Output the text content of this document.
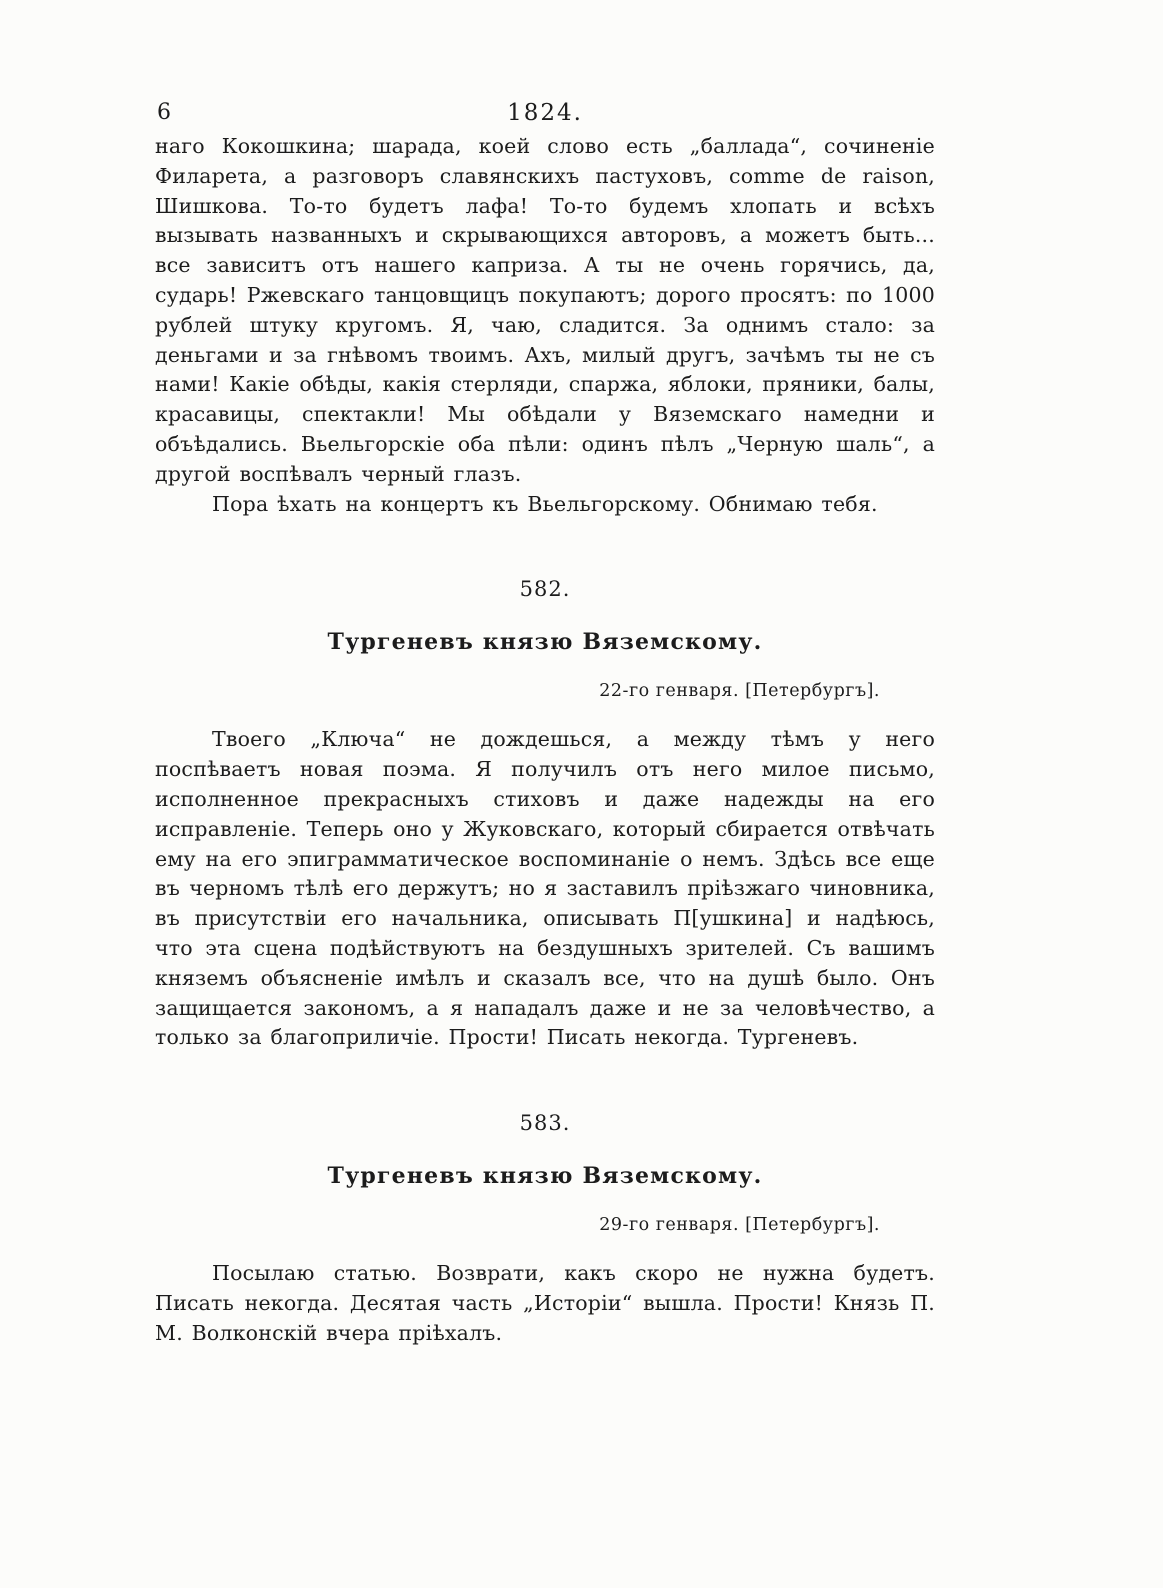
6	1824.

наго Кокошкина; шарада, коей слово есть „баллада“, сочиненіе Филарета, а разговоръ славянскихъ пастуховъ, comme de raison, Шишкова. То-то будетъ лафа! То-то будемъ хлопать и всѣхъ вызывать названныхъ и скрывающихся авторовъ, а можетъ быть... все зависитъ отъ нашего каприза. А ты не очень горячись, да, сударь! Ржевскаго танцовщицъ покупаютъ; дорого просятъ: по 1000 рублей штуку кругомъ. Я, чаю, сладится. За однимъ стало: за деньгами и за гнѣвомъ твоимъ. Ахъ, милый другъ, зачѣмъ ты не съ нами! Какіе обѣды, какія стерляди, спаржа, яблоки, пряники, балы, красавицы, спектакли! Мы обѣдали у Вяземскаго намедни и объѣдались. Вьельгорскіе оба пѣли: одинъ пѣлъ „Черную шаль“, а другой воспѣвалъ черный глазъ.

Пора ѣхать на концертъ къ Вьельгорскому. Обнимаю тебя.

582.
Тургеневъ князю Вяземскому.
22-го генваря. [Петербургъ].

Твоего „Ключа“ не дождешься, а между тѣмъ у него поспѣваетъ новая поэма. Я получилъ отъ него милое письмо, исполненное прекрасныхъ стиховъ и даже надежды на его исправленіе. Теперь оно у Жуковскаго, который сбирается отвѣчать ему на его эпиграмматическое воспоминаніе о немъ. Здѣсь все еще въ черномъ тѣлѣ его держутъ; но я заставилъ пріѣзжаго чиновника, въ присутствіи его начальника, описывать П[ушкина] и надѣюсь, что эта сцена подѣйствуютъ на бездушныхъ зрителей. Съ вашимъ княземъ объясненіе имѣлъ и сказалъ все, что на душѣ было. Онъ защищается закономъ, а я нападалъ даже и не за человѣчество, а только за благоприличіе. Прости! Писать некогда. Тургеневъ.

583.
Тургеневъ князю Вяземскому.
29-го генваря. [Петербургъ].

Посылаю статью. Возврати, какъ скоро не нужна будетъ. Писать некогда. Десятая часть „Исторіи“ вышла. Прости! Князь П. М. Волконскій вчера пріѣхалъ.
